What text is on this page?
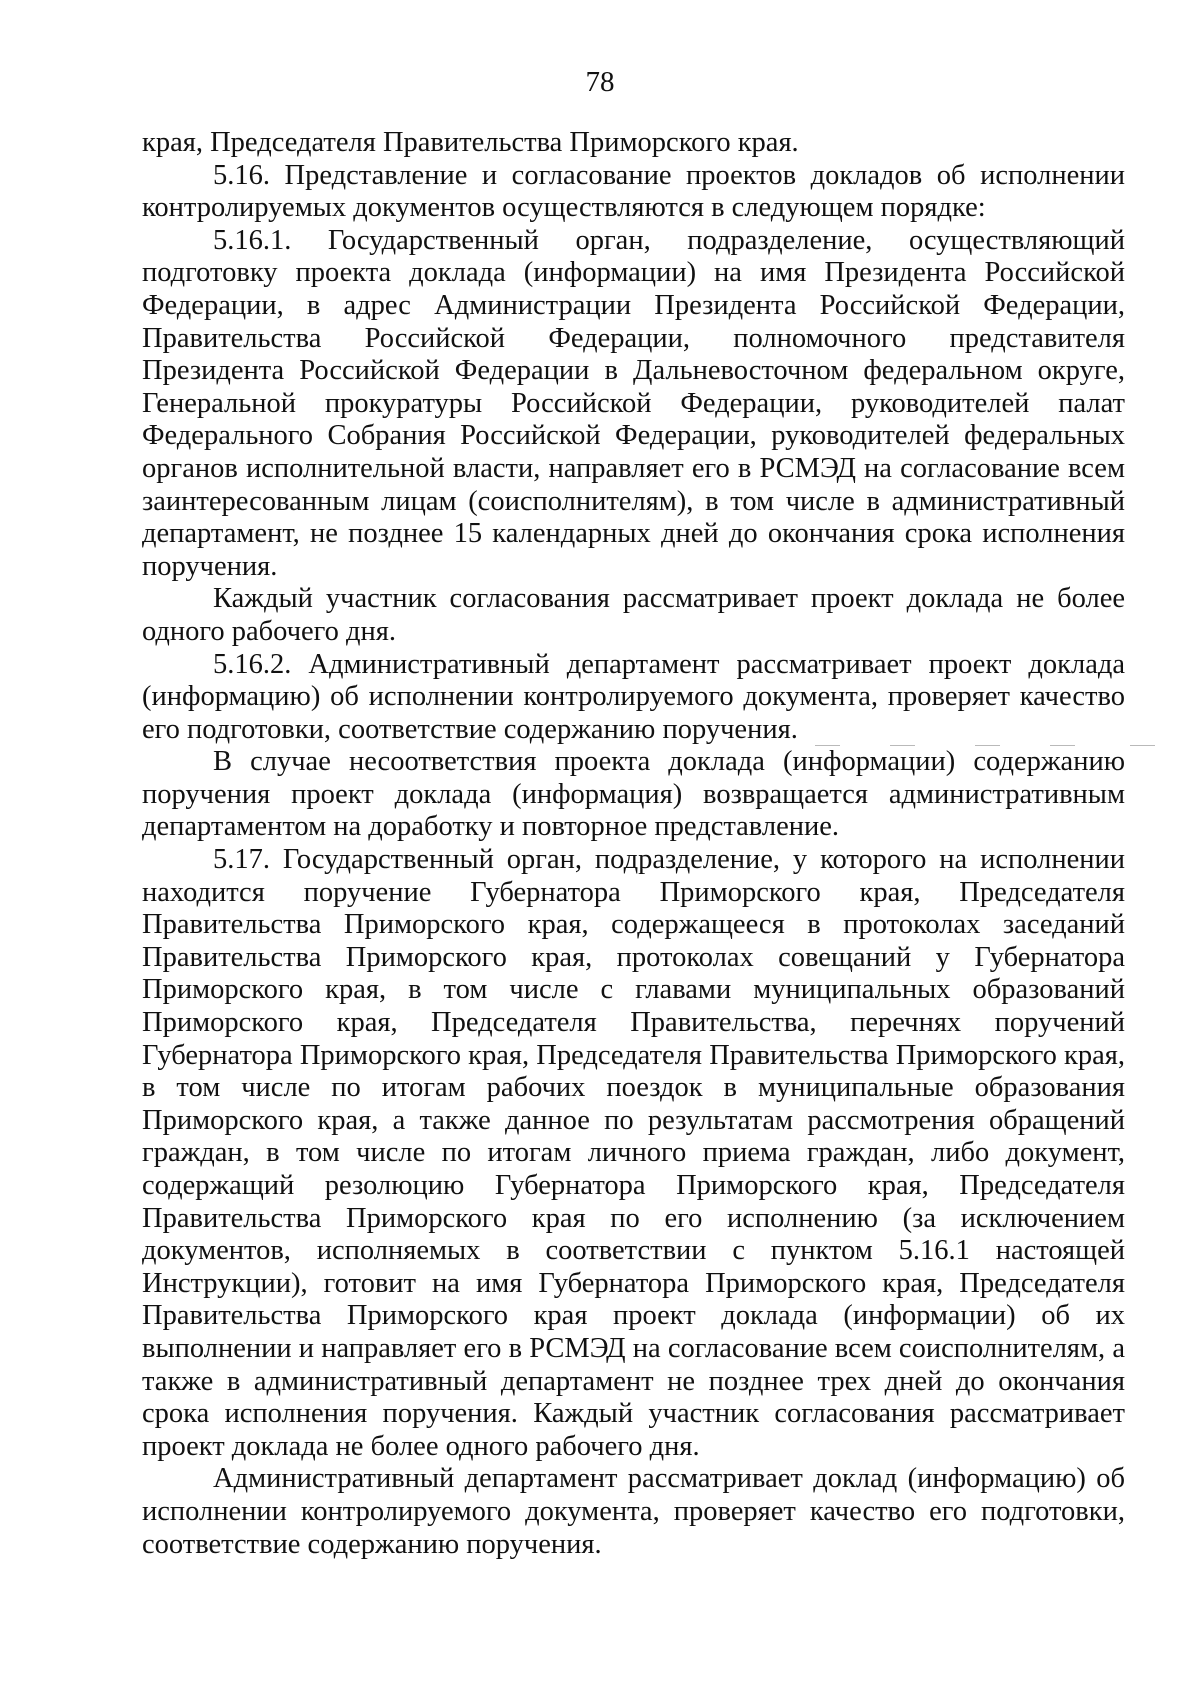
78

края, Председателя Правительства Приморского края.

5.16. Представление и согласование проектов докладов об исполнении контролируемых документов осуществляются в следующем порядке:

5.16.1. Государственный орган, подразделение, осуществляющий подготовку проекта доклада (информации) на имя Президента Российской Федерации, в адрес Администрации Президента Российской Федерации, Правительства Российской Федерации, полномочного представителя Президента Российской Федерации в Дальневосточном федеральном округе, Генеральной прокуратуры Российской Федерации, руководителей палат Федерального Собрания Российской Федерации, руководителей федеральных органов исполнительной власти, направляет его в РСМЭД на согласование всем заинтересованным лицам (соисполнителям), в том числе в административный департамент, не позднее 15 календарных дней до окончания срока исполнения поручения.

Каждый участник согласования рассматривает проект доклада не более одного рабочего дня.

5.16.2. Административный департамент рассматривает проект доклада (информацию) об исполнении контролируемого документа, проверяет качество его подготовки, соответствие содержанию поручения.

В случае несоответствия проекта доклада (информации) содержанию поручения проект доклада (информация) возвращается административным департаментом на доработку и повторное представление.

5.17. Государственный орган, подразделение, у которого на исполнении находится поручение Губернатора Приморского края, Председателя Правительства Приморского края, содержащееся в протоколах заседаний Правительства Приморского края, протоколах совещаний у Губернатора Приморского края, в том числе с главами муниципальных образований Приморского края, Председателя Правительства, перечнях поручений Губернатора Приморского края, Председателя Правительства Приморского края, в том числе по итогам рабочих поездок в муниципальные образования Приморского края, а также данное по результатам рассмотрения обращений граждан, в том числе по итогам личного приема граждан, либо документ, содержащий резолюцию Губернатора Приморского края, Председателя Правительства Приморского края по его исполнению (за исключением документов, исполняемых в соответствии с пунктом 5.16.1 настоящей Инструкции), готовит на имя Губернатора Приморского края, Председателя Правительства Приморского края проект доклада (информации) об их выполнении и направляет его в РСМЭД на согласование всем соисполнителям, а также в административный департамент не позднее трех дней до окончания срока исполнения поручения. Каждый участник согласования рассматривает проект доклада не более одного рабочего дня.

Административный департамент рассматривает доклад (информацию) об исполнении контролируемого документа, проверяет качество его подготовки, соответствие содержанию поручения.
